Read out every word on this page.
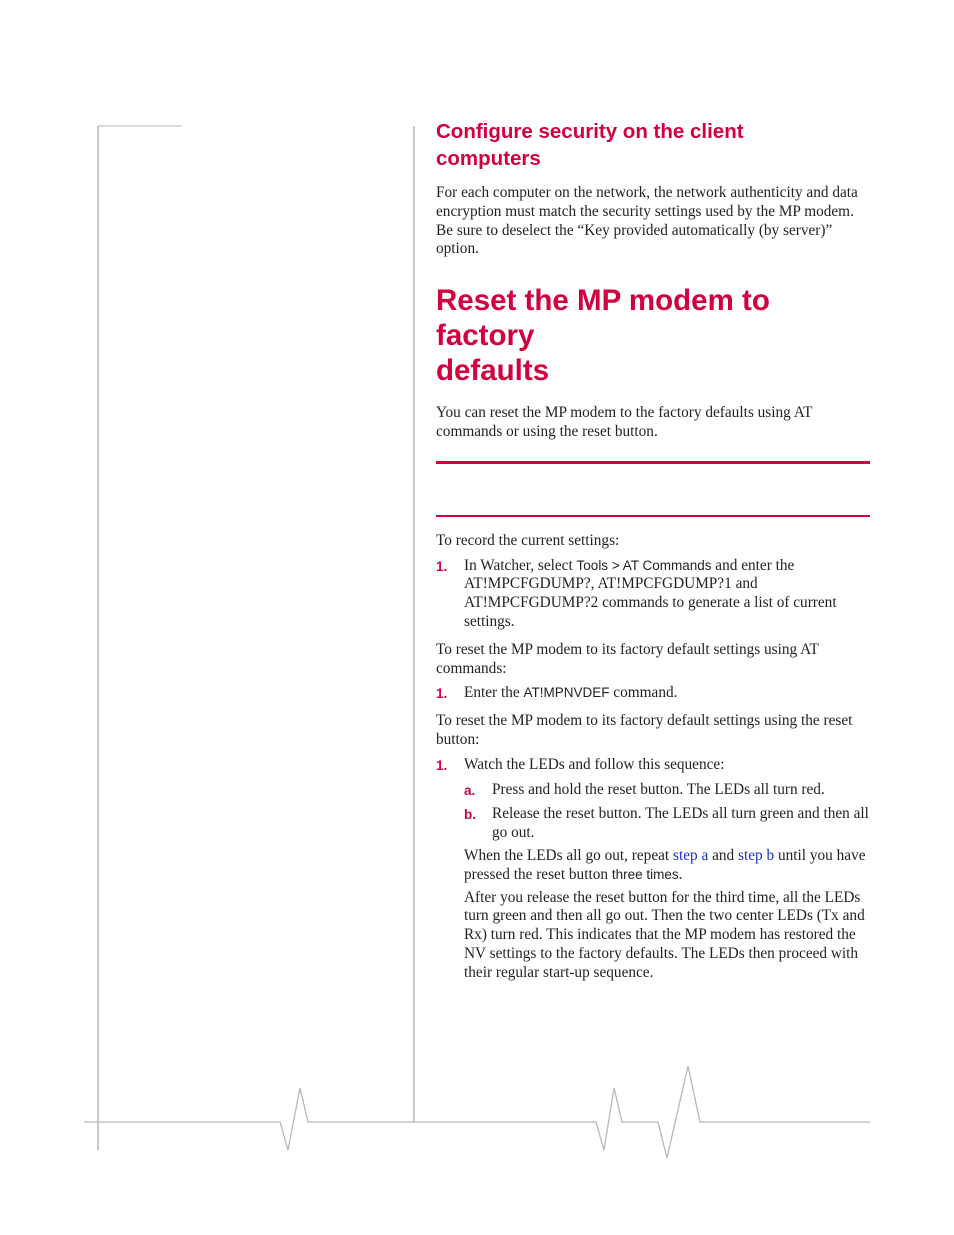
Configure security on the client
computers

For each computer on the network, the network authenticity and data encryption must match the security settings used by the MP modem. Be sure to deselect the “Key provided automatically (by server)” option.

Reset the MP modem to factory
defaults

You can reset the MP modem to the factory defaults using AT commands or using the reset button.

To record the current settings:

1. In Watcher, select Tools > AT Commands and enter the AT!MPCFGDUMP?, AT!MPCFGDUMP?1 and AT!MPCFGDUMP?2 commands to generate a list of current settings.

To reset the MP modem to its factory default settings using AT commands:

1. Enter the AT!MPNVDEF command.

To reset the MP modem to its factory default settings using the reset button:

1. Watch the LEDs and follow this sequence:

a. Press and hold the reset button. The LEDs all turn red.

b. Release the reset button. The LEDs all turn green and then all go out.

When the LEDs all go out, repeat step a and step b until you have pressed the reset button three times.

After you release the reset button for the third time, all the LEDs turn green and then all go out. Then the two center LEDs (Tx and Rx) turn red. This indicates that the MP modem has restored the NV settings to the factory defaults. The LEDs then proceed with their regular start-up sequence.
